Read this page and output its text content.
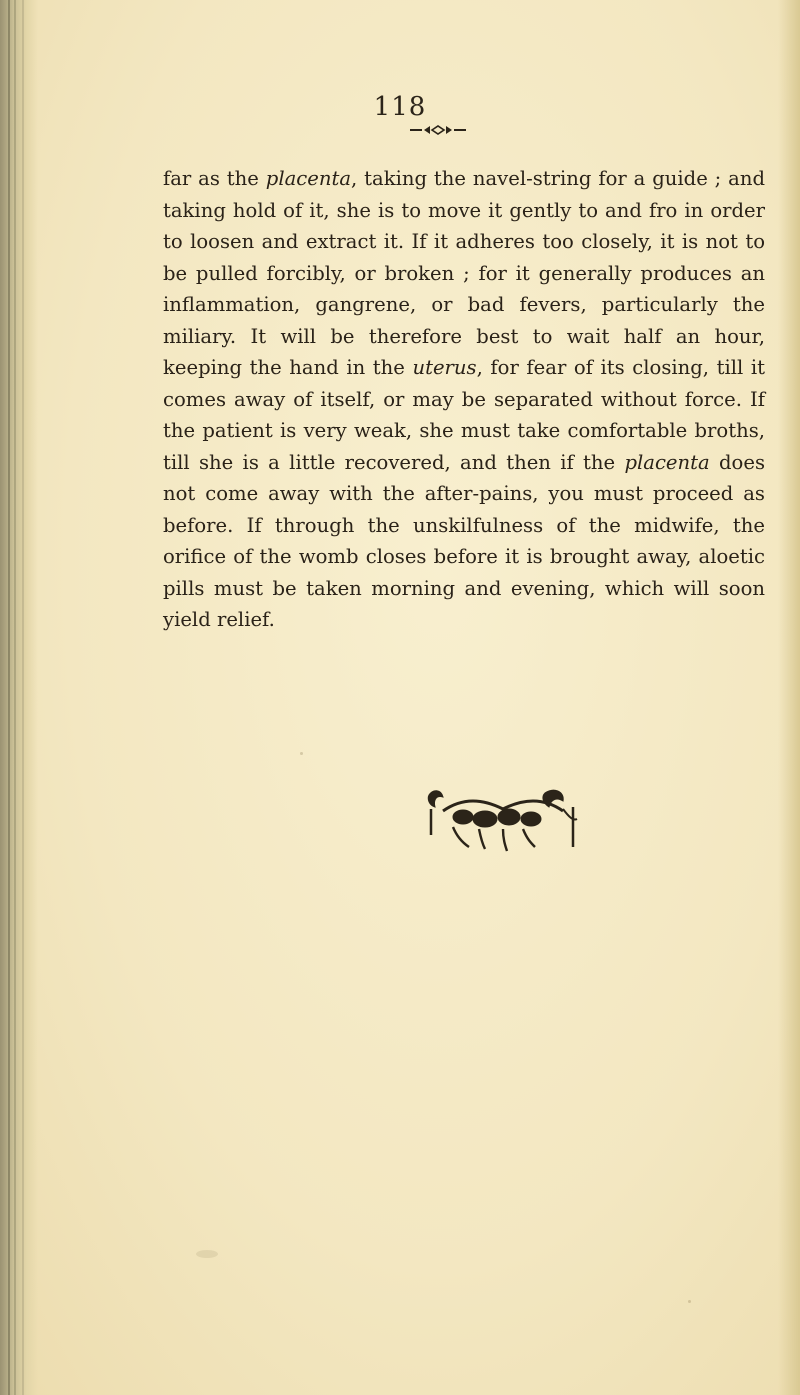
118

far as the placenta, taking the navel-string for a guide ; and taking hold of it, she is to move it gently to and fro in order to loosen and extract it. If it adheres too closely, it is not to be pulled forcibly, or broken ; for it generally produces an inflammation, gangrene, or bad fevers, particularly the miliary. It will be therefore best to wait half an hour, keeping the hand in the uterus, for fear of its closing, till it comes away of itself, or may be separated without force. If the patient is very weak, she must take comfortable broths, till she is a little recovered, and then if the placenta does not come away with the after-pains, you must proceed as before. If through the unskilfulness of the midwife, the orifice of the womb closes before it is brought away, aloetic pills must be taken morning and evening, which will soon yield relief.
